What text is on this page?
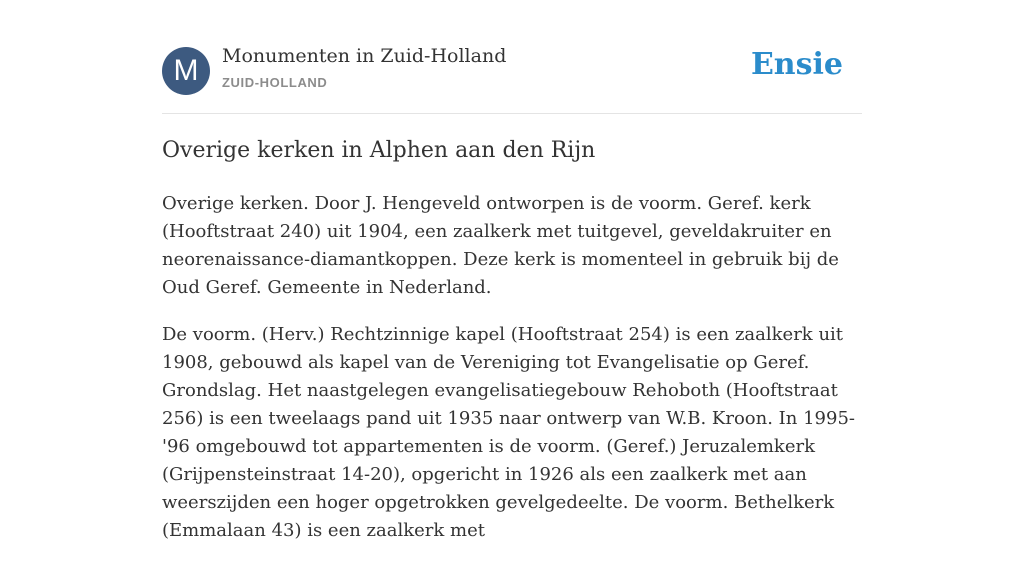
M	Monumenten in Zuid-Holland
ZUID-HOLLAND
Ensie
Overige kerken in Alphen aan den Rijn

Overige kerken. Door J. Hengeveld ontworpen is de voorm. Geref. kerk (Hooftstraat 240) uit 1904, een zaalkerk met tuitgevel, geveldakruiter en neorenaissance-diamantkoppen. Deze kerk is momenteel in gebruik bij de Oud Geref. Gemeente in Nederland.

De voorm. (Herv.) Rechtzinnige kapel (Hooftstraat 254) is een zaalkerk uit 1908, gebouwd als kapel van de Vereniging tot Evangelisatie op Geref. Grondslag. Het naastgelegen evangelisatiegebouw Rehoboth (Hooftstraat 256) is een tweelaags pand uit 1935 naar ontwerp van W.B. Kroon. In 1995-'96 omgebouwd tot appartementen is de voorm. (Geref.) Jeruzalemkerk (Grijpensteinstraat 14-20), opgericht in 1926 als een zaalkerk met aan weerszijden een hoger opgetrokken gevelgedeelte. De voorm. Bethelkerk (Emmalaan 43) is een zaalkerk met
